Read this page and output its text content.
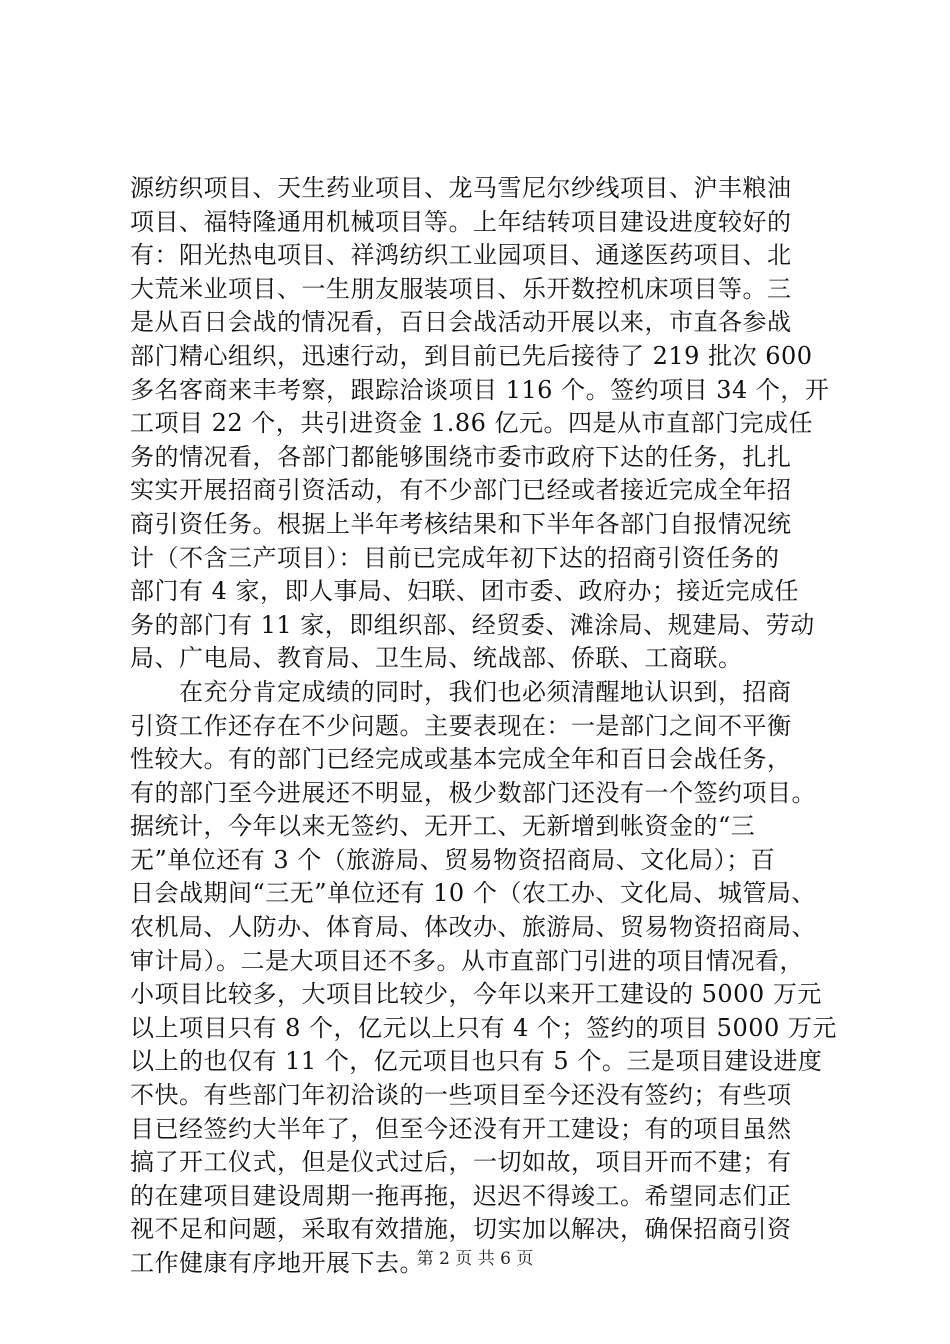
源纺织项目、天生药业项目、龙马雪尼尔纱线项目、沪丰粮油
项目、福特隆通用机械项目等。上年结转项目建设进度较好的
有：阳光热电项目、祥鸿纺织工业园项目、通遂医药项目、北
大荒米业项目、一生朋友服装项目、乐开数控机床项目等。三
是从百日会战的情况看，百日会战活动开展以来，市直各参战
部门精心组织，迅速行动，到目前已先后接待了 219 批次 600
多名客商来丰考察，跟踪洽谈项目 116 个。签约项目 34 个，开
工项目 22 个，共引进资金 1.86 亿元。四是从市直部门完成任
务的情况看，各部门都能够围绕市委市政府下达的任务，扎扎
实实开展招商引资活动，有不少部门已经或者接近完成全年招
商引资任务。根据上半年考核结果和下半年各部门自报情况统
计（不含三产项目）：目前已完成年初下达的招商引资任务的
部门有 4 家，即人事局、妇联、团市委、政府办；接近完成任
务的部门有 11 家，即组织部、经贸委、滩涂局、规建局、劳动
局、广电局、教育局、卫生局、统战部、侨联、工商联。
　　在充分肯定成绩的同时，我们也必须清醒地认识到，招商
引资工作还存在不少问题。主要表现在：一是部门之间不平衡
性较大。有的部门已经完成或基本完成全年和百日会战任务，
有的部门至今进展还不明显，极少数部门还没有一个签约项目。
据统计，今年以来无签约、无开工、无新增到帐资金的“三
无”单位还有 3 个（旅游局、贸易物资招商局、文化局）；百
日会战期间“三无”单位还有 10 个（农工办、文化局、城管局、
农机局、人防办、体育局、体改办、旅游局、贸易物资招商局、
审计局）。二是大项目还不多。从市直部门引进的项目情况看，
小项目比较多，大项目比较少，今年以来开工建设的 5000 万元
以上项目只有 8 个，亿元以上只有 4 个；签约的项目 5000 万元
以上的也仅有 11 个，亿元项目也只有 5 个。三是项目建设进度
不快。有些部门年初洽谈的一些项目至今还没有签约；有些项
目已经签约大半年了，但至今还没有开工建设；有的项目虽然
搞了开工仪式，但是仪式过后，一切如故，项目开而不建；有
的在建项目建设周期一拖再拖，迟迟不得竣工。希望同志们正
视不足和问题，采取有效措施，切实加以解决，确保招商引资
工作健康有序地开展下去。
第 2 页 共 6 页
